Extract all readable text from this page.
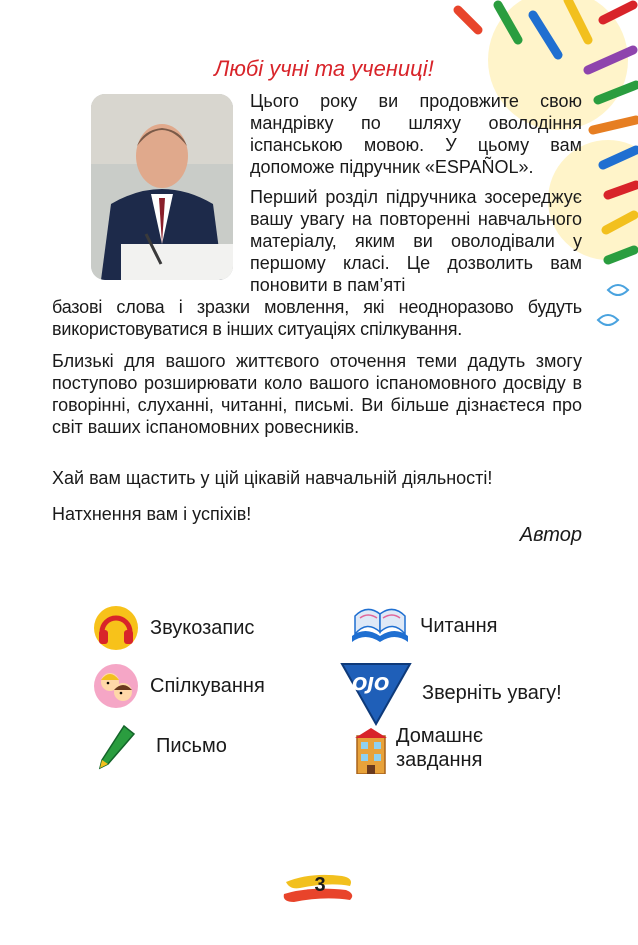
Любі учні та учениці!

Цього року ви продовжите свою мандрівку по шляху оволодіння іспанською мовою. У цьому вам допоможе підручник «ESPAÑOL».

Перший розділ підручника зосереджує вашу увагу на повторенні навчального матеріалу, яким ви оволодівали у першому класі. Це дозволить вам поновити в пам’яті

базові слова і зразки мовлення, які неодноразово будуть використовуватися в інших ситуаціях спілкування.

Близькі для вашого життєвого оточення теми дадуть змогу поступово розширювати коло вашого іспаномовного досвіду в говорінні, слуханні, читанні, письмі. Ви більше дізнаєтеся про світ ваших іспаномовних ровесників.

Хай вам щастить у цій цікавій навчальній діяльності!

Натхнення вам і успіхів!

Автор
Звукозапис	Читання
Спілкування	OJO Зверніть увагу!
Письмо	Домашнє завдання
3
